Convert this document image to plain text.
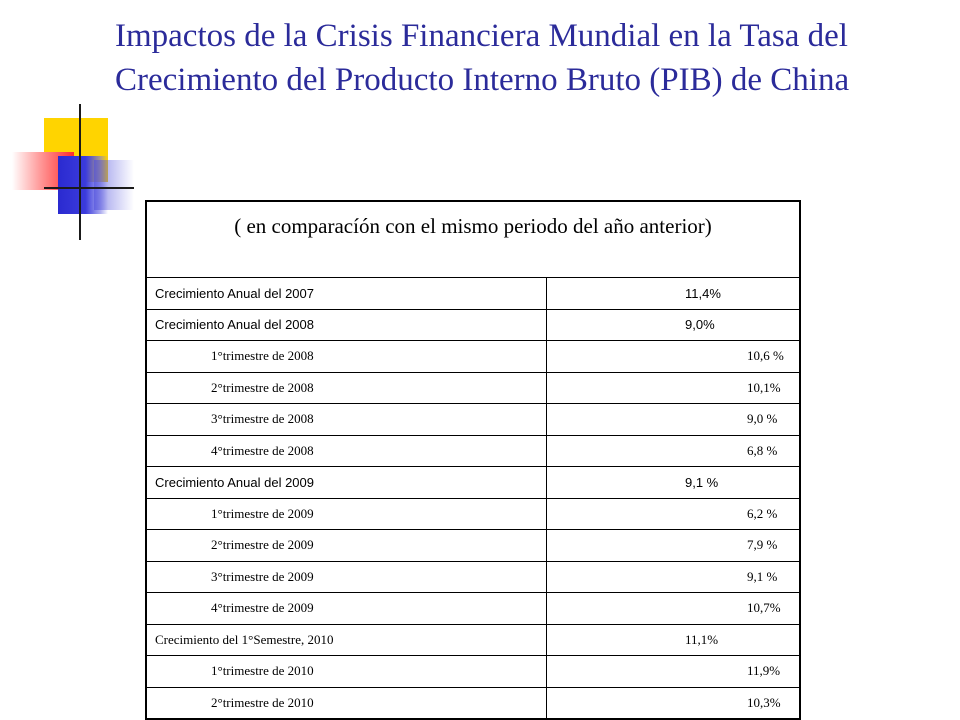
Impactos de la Crisis Financiera Mundial en la Tasa del Crecimiento del Producto Interno Bruto (PIB) de China
( en comparacíón con el mismo periodo del año anterior)
Crecimiento Anual del 2007	11,4%
Crecimiento Anual del 2008	9,0%
1°trimestre de 2008	10,6 %
2°trimestre de 2008	10,1%
3°trimestre de 2008	9,0 %
4°trimestre de 2008	6,8 %
Crecimiento Anual del 2009	9,1 %
1°trimestre de 2009	6,2 %
2°trimestre de 2009	7,9 %
3°trimestre de 2009	9,1 %
4°trimestre de 2009	10,7%
Crecimiento del 1°Semestre, 2010	11,1%
1°trimestre de 2010	11,9%
2°trimestre de 2010	10,3%
